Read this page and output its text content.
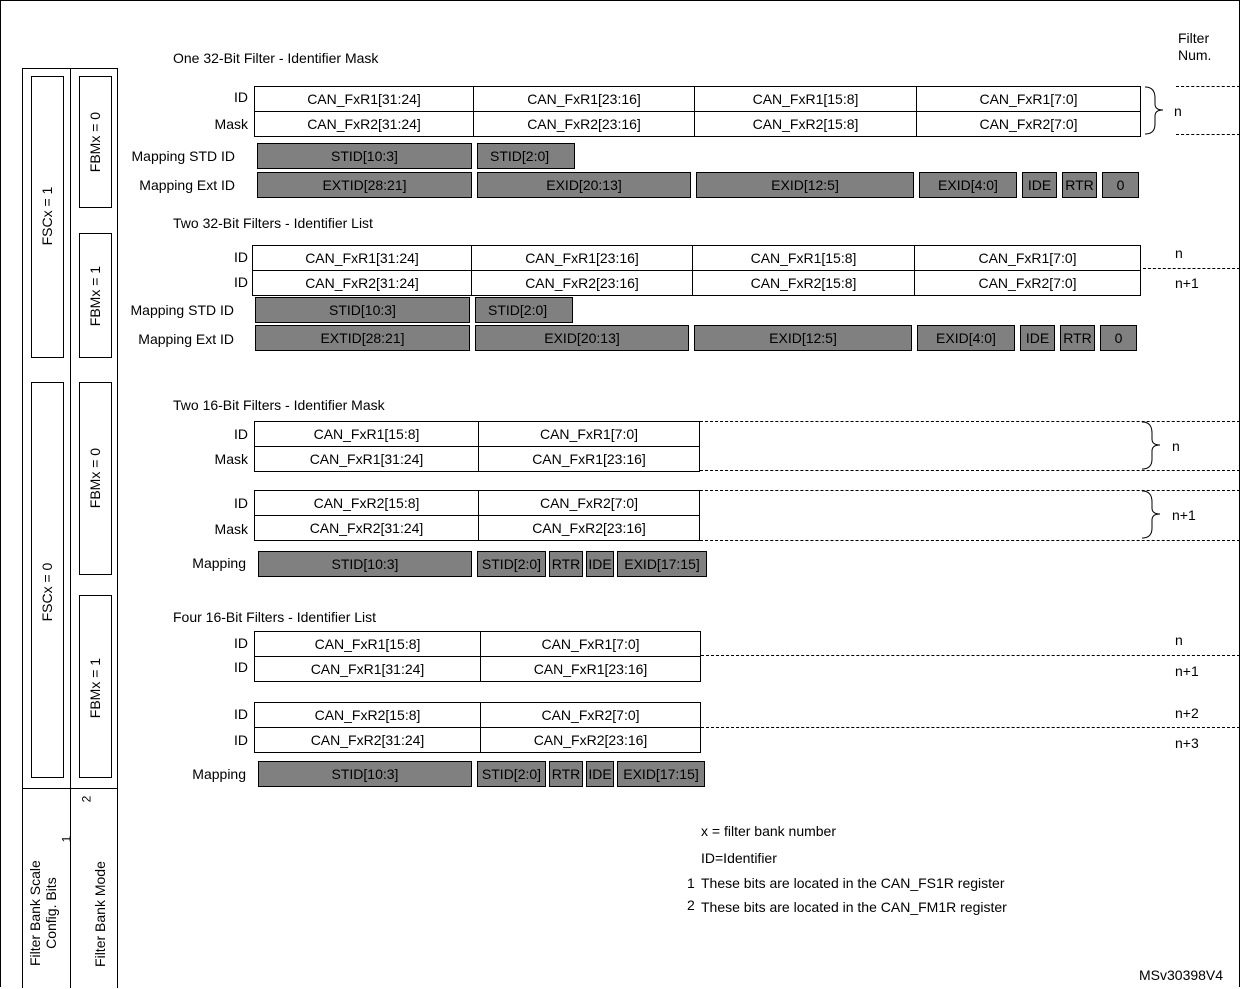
Filter
Num.
FSCx = 1
FSCx = 0
FBMx = 0
FBMx = 1
FBMx = 0
FBMx = 1
Filter Bank Scale Config. Bits
1
Filter Bank Mode
2
One 32-Bit Filter - Identifier Mask
ID
Mask
CAN_FxR1[31:24]	CAN_FxR1[23:16]	CAN_FxR1[15:8]	CAN_FxR1[7:0]
CAN_FxR2[31:24]	CAN_FxR2[23:16]	CAN_FxR2[15:8]	CAN_FxR2[7:0]
Mapping STD ID
Mapping Ext ID
STID[10:3]	STID[2:0]
EXTID[28:21]	EXID[20:13]	EXID[12:5]	EXID[4:0]	IDE	RTR	0
n
Two 32-Bit Filters - Identifier List
ID
ID
CAN_FxR1[31:24]	CAN_FxR1[23:16]	CAN_FxR1[15:8]	CAN_FxR1[7:0]
CAN_FxR2[31:24]	CAN_FxR2[23:16]	CAN_FxR2[15:8]	CAN_FxR2[7:0]
Mapping STD ID
Mapping Ext ID
STID[10:3]	STID[2:0]
EXTID[28:21]	EXID[20:13]	EXID[12:5]	EXID[4:0]	IDE	RTR	0
n
n+1
Two 16-Bit Filters - Identifier Mask
ID
Mask
CAN_FxR1[15:8]	CAN_FxR1[7:0]
CAN_FxR1[31:24]	CAN_FxR1[23:16]
ID
Mask
CAN_FxR2[15:8]	CAN_FxR2[7:0]
CAN_FxR2[31:24]	CAN_FxR2[23:16]
Mapping	STID[10:3]	STID[2:0] RTR IDE EXID[17:15]
n
n+1
Four 16-Bit Filters - Identifier List
ID
ID
CAN_FxR1[15:8]	CAN_FxR1[7:0]
CAN_FxR1[31:24]	CAN_FxR1[23:16]
ID
ID
CAN_FxR2[15:8]	CAN_FxR2[7:0]
CAN_FxR2[31:24]	CAN_FxR2[23:16]
Mapping	STID[10:3]	STID[2:0] RTR IDE EXID[17:15]
n
n+1
n+2
n+3
x = filter bank number
ID=Identifier
1 These bits are located in the CAN_FS1R register
2 These bits are located in the CAN_FM1R register
MSv30398V4
